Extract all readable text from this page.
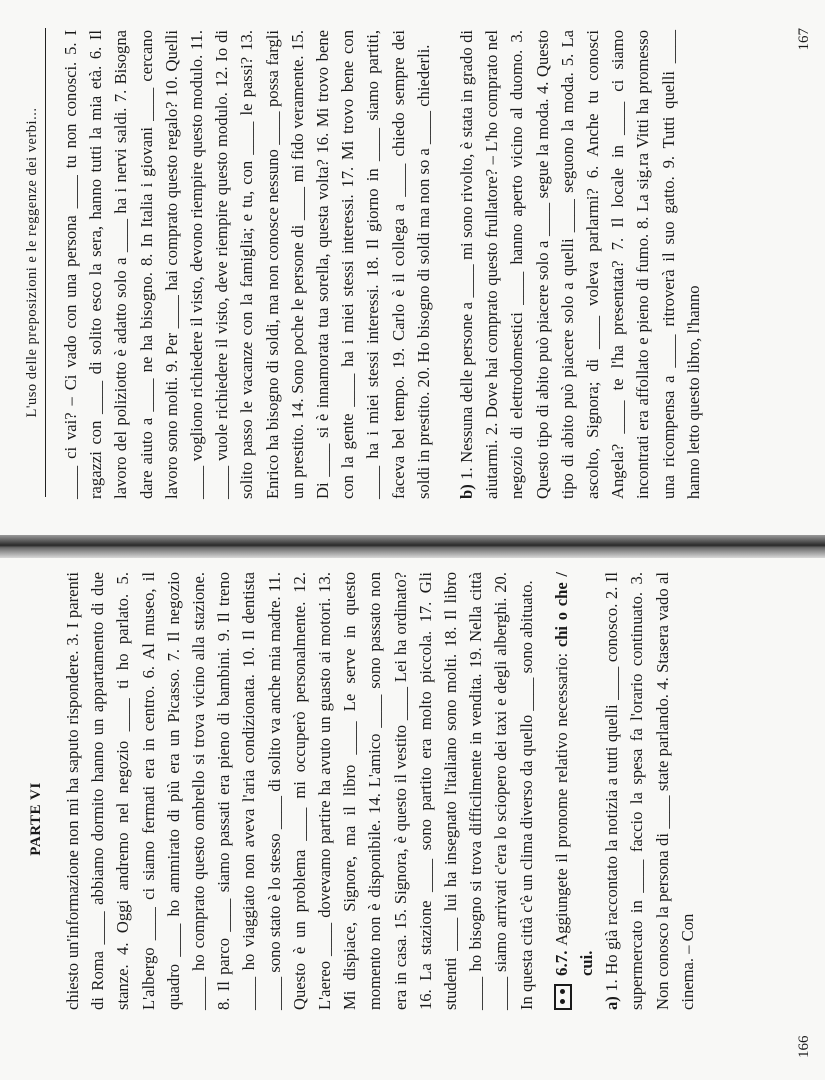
PARTE VI chiesto un'informazione non mi ha saputo rispondere. 3. I parenti di Roma ____ abbiamo dormito hanno un appartamento di due stanze. 4. Oggi andremo nel negozio ____ ti ho parlato. 5. L'albergo ____ ci siamo fermati era in centro. 6. Al museo, il quadro ____ ho ammirato di più era un Picasso. 7. Il negozio ____ ho comprato questo ombrello si trova vicino alla stazione. 8. Il parco ____ siamo passati era pieno di bambini. 9. Il treno ____ ho viaggiato non aveva l'aria condizionata. 10. Il dentista ____ sono stato è lo stesso ____ di solito va anche mia madre. 11. Questo è un problema ____ mi occuperò personalmente. 12. L'aereo ____ dovevamo partire ha avuto un guasto ai motori. 13. Mi dispiace, Signore, ma il libro ____ Le serve in questo momento non è disponibile. 14. L'amico ____ sono passato non era in casa. 15. Signora, è questo il vestito ____ Lei ha ordinato? 16. La stazione ____ sono partito era molto piccola. 17. Gli studenti ____ lui ha insegnato l'italiano sono molti. 18. Il libro ____ ho bisogno si trova difficilmente in vendita. 19. Nella città ____ siamo arrivati c'era lo sciopero dei taxi e degli alberghi. 20. In questa città c'è un clima diverso da quello ____ sono abituato. 6.7. Aggiungete il pronome relativo necessario: chi o che / cui.

a) 1. Ho già raccontato la notizia a tutti quelli ____ conosco. 2. Il supermercato in ____ faccio la spesa fa l'orario continuato. 3. Non conosco la persona di ____ state parlando. 4. Stasera vado al cinema. – Con

166
L'uso delle preposizioni e le reggenze dei verbi...	____ ci vai? – Ci vado con una persona ____ tu non conosci. 5. I ragazzi con ____ di solito esco la sera, hanno tutti la mia età. 6. Il lavoro del poliziotto è adatto solo a ____ ha i nervi saldi. 7. Bisogna dare aiuto a ____ ne ha bisogno. 8. In Italia i giovani ____ cercano lavoro sono molti. 9. Per ____ hai comprato questo regalo? 10. Quelli ____ vogliono richiedere il visto, devono riempire questo modulo. 11. ____ vuole richiedere il visto, deve riempire questo modulo. 12. Io di solito passo le vacanze con la famiglia; e tu, con ____ le passi? 13. Enrico ha bisogno di soldi, ma non conosce nessuno ____ possa fargli un prestito. 14. Sono poche le persone di ____ mi fido veramente. 15. Di ____ si è innamorata tua sorella, questa volta? 16. Mi trovo bene con la gente ____ ha i miei stessi interessi. 17. Mi trovo bene con ____ ha i miei stessi interessi. 18. Il giorno in ____ siamo partiti, faceva bel tempo. 19. Carlo è il collega a ____ chiedo sempre dei soldi in prestito. 20. Ho bisogno di soldi ma non so a ____ chiederli. b) 1. Nessuna delle persone a ____ mi sono rivolto, è stata in grado di aiutarmi. 2. Dove hai comprato questo frullatore? – L'ho comprato nel negozio di elettrodomestici ____ hanno aperto vicino al duomo. 3. Questo tipo di abito può piacere solo a ____ segue la moda. 4. Questo tipo di abito può piacere solo a quelli ____ seguono la moda. 5. La ascolto, Signora; di ____ voleva parlarmi? 6. Anche tu conosci Angela? ____ te l'ha presentata? 7. Il locale in ____ ci siamo incontrati era affollato e pieno di fumo. 8. La sig.ra Vitti ha promesso una ricompensa a ____ ritroverà il suo gatto. 9. Tutti quelli ____ hanno letto questo libro, l'hanno

167
